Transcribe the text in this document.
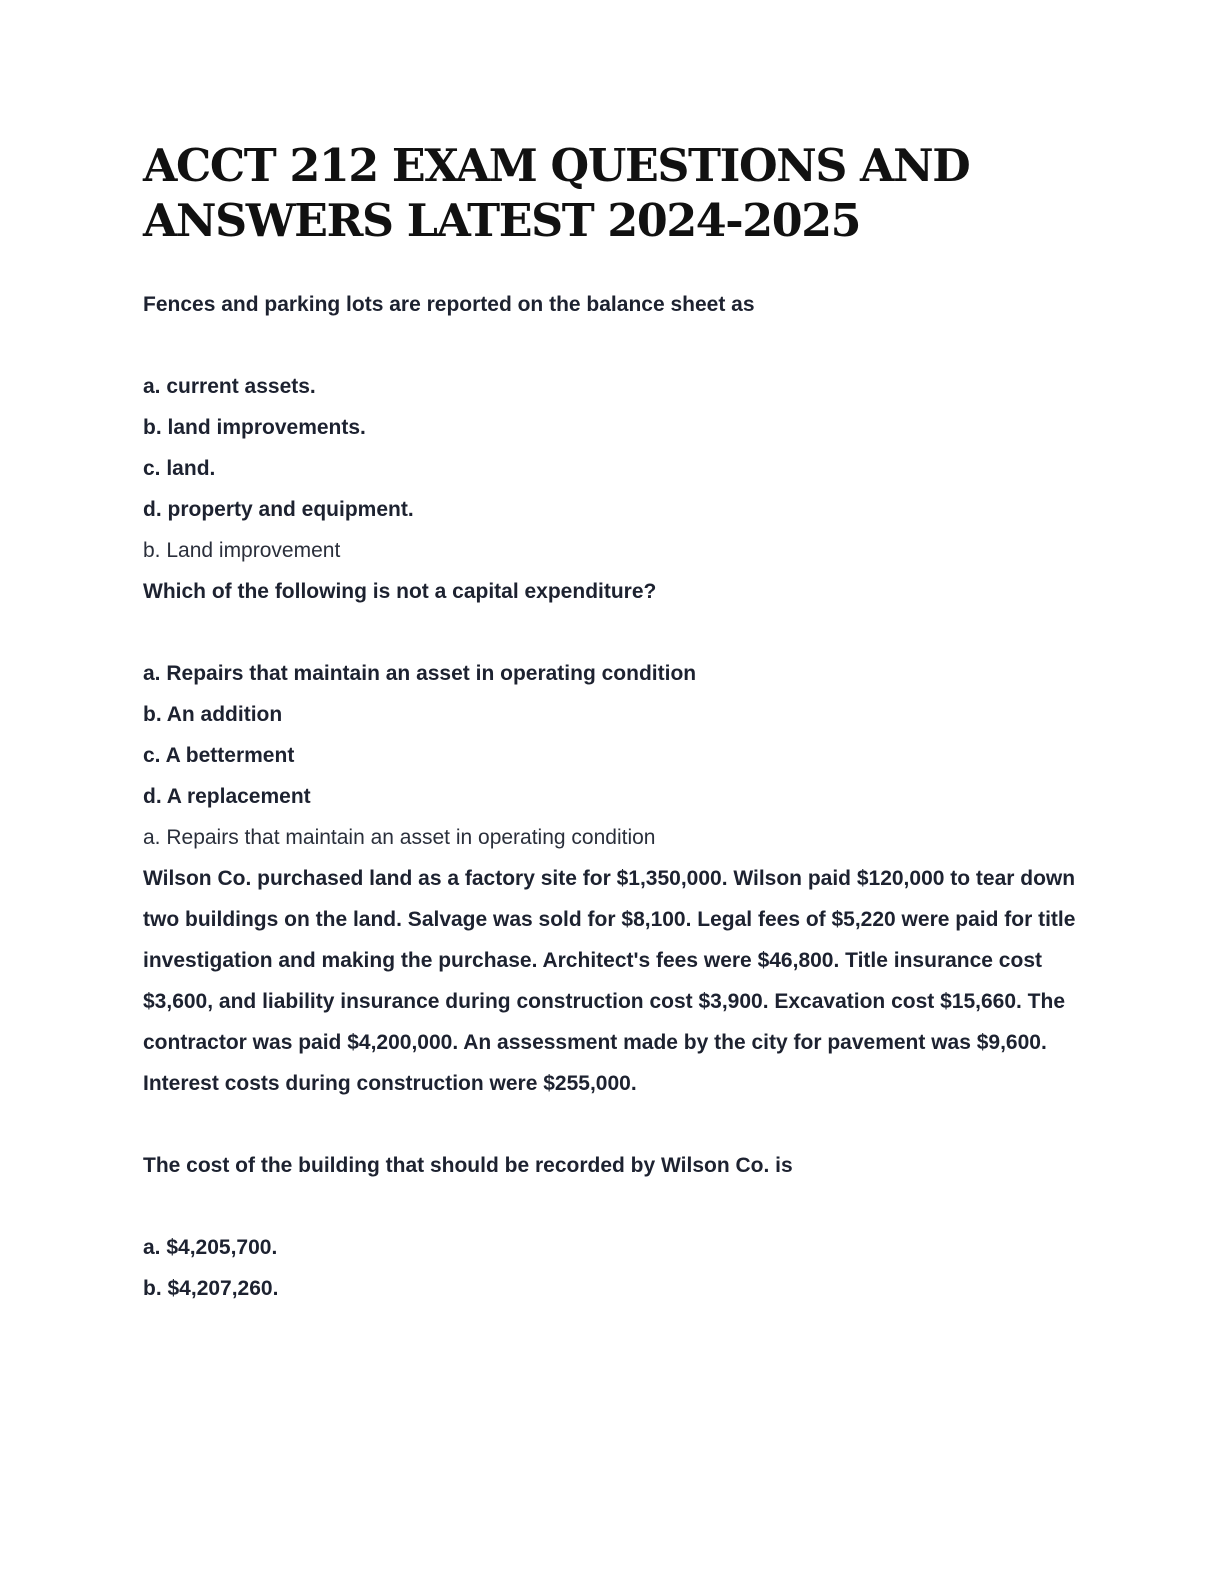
ACCT 212 EXAM QUESTIONS AND ANSWERS LATEST 2024-2025

Fences and parking lots are reported on the balance sheet as

a. current assets.

b. land improvements.

c. land.

d. property and equipment.

b. Land improvement

Which of the following is not a capital expenditure?

a. Repairs that maintain an asset in operating condition

b. An addition

c. A betterment

d. A replacement

a. Repairs that maintain an asset in operating condition

Wilson Co. purchased land as a factory site for $1,350,000. Wilson paid $120,000 to tear down two buildings on the land. Salvage was sold for $8,100. Legal fees of $5,220 were paid for title investigation and making the purchase. Architect's fees were $46,800. Title insurance cost $3,600, and liability insurance during construction cost $3,900. Excavation cost $15,660. The contractor was paid $4,200,000. An assessment made by the city for pavement was $9,600. Interest costs during construction were $255,000.

The cost of the building that should be recorded by Wilson Co. is

a. $4,205,700.

b. $4,207,260.
